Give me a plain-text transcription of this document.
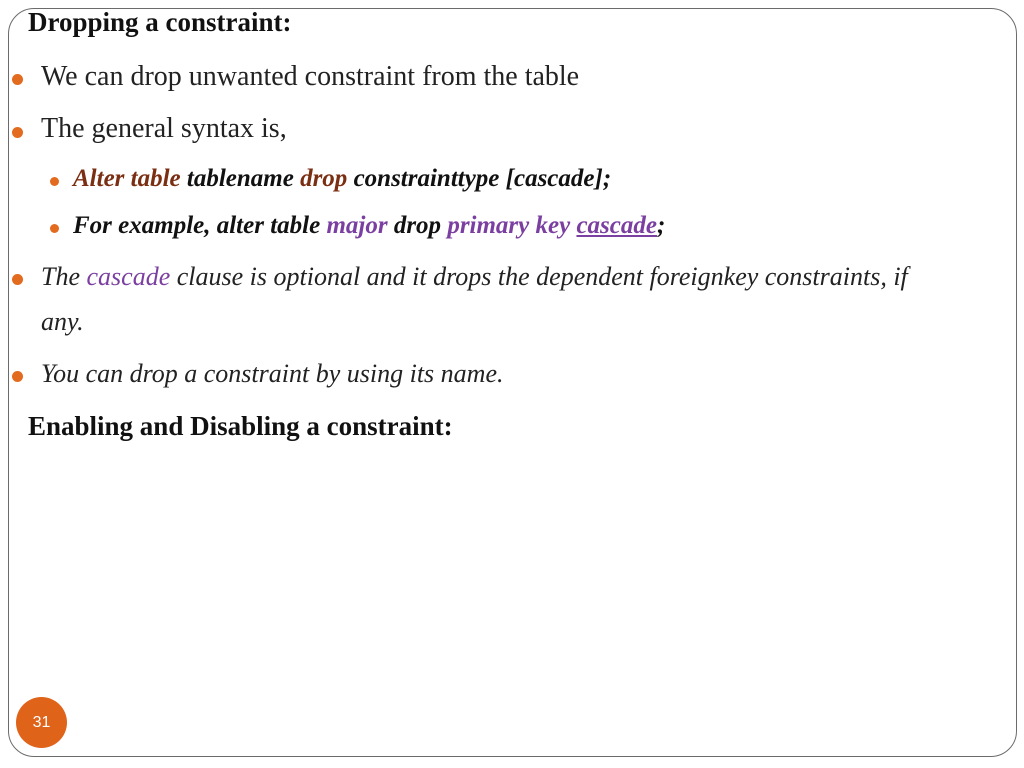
Dropping a constraint:
We can drop unwanted constraint from the table
The general syntax is,
Alter table tablename drop constrainttype [cascade];
For example, alter table major drop primary key cascade;
The cascade clause is optional and it drops the dependent foreignkey constraints, if
any.
You can drop a constraint by using its name.
Enabling and Disabling a constraint:
31
